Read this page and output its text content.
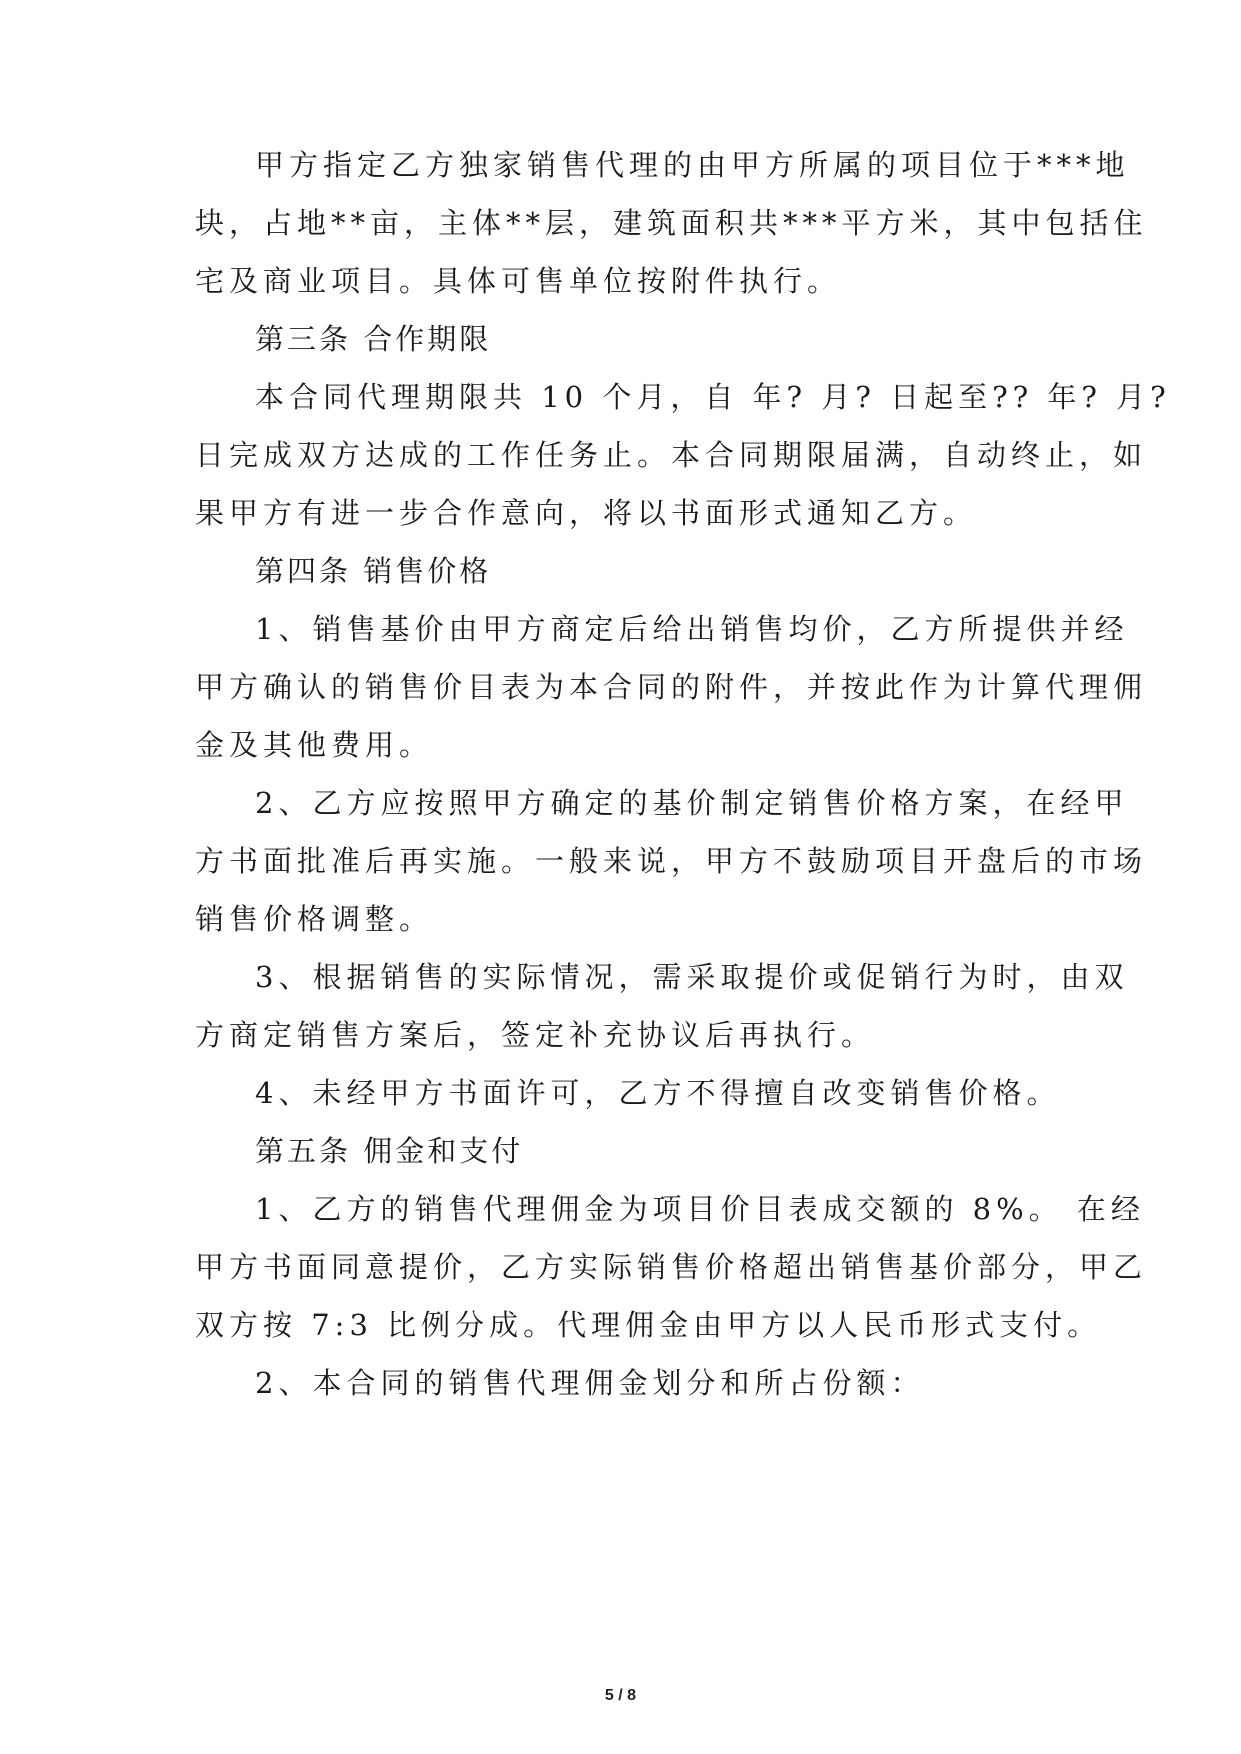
甲方指定乙方独家销售代理的由甲方所属的项目位于***地
块，占地**亩，主体**层，建筑面积共***平方米，其中包括住
宅及商业项目。具体可售单位按附件执行。
第三条 合作期限
本合同代理期限共 10 个月，自 年? 月? 日起至?? 年? 月?
日完成双方达成的工作任务止。本合同期限届满，自动终止，如
果甲方有进一步合作意向，将以书面形式通知乙方。
第四条 销售价格
1、销售基价由甲方商定后给出销售均价，乙方所提供并经
甲方确认的销售价目表为本合同的附件，并按此作为计算代理佣
金及其他费用。
2、乙方应按照甲方确定的基价制定销售价格方案，在经甲
方书面批准后再实施。一般来说，甲方不鼓励项目开盘后的市场
销售价格调整。
3、根据销售的实际情况，需采取提价或促销行为时，由双
方商定销售方案后，签定补充协议后再执行。
4、未经甲方书面许可，乙方不得擅自改变销售价格。
第五条 佣金和支付
1、乙方的销售代理佣金为项目价目表成交额的 8%。 在经
甲方书面同意提价，乙方实际销售价格超出销售基价部分，甲乙
双方按 7:3 比例分成。代理佣金由甲方以人民币形式支付。
2、本合同的销售代理佣金划分和所占份额：
5 / 8
